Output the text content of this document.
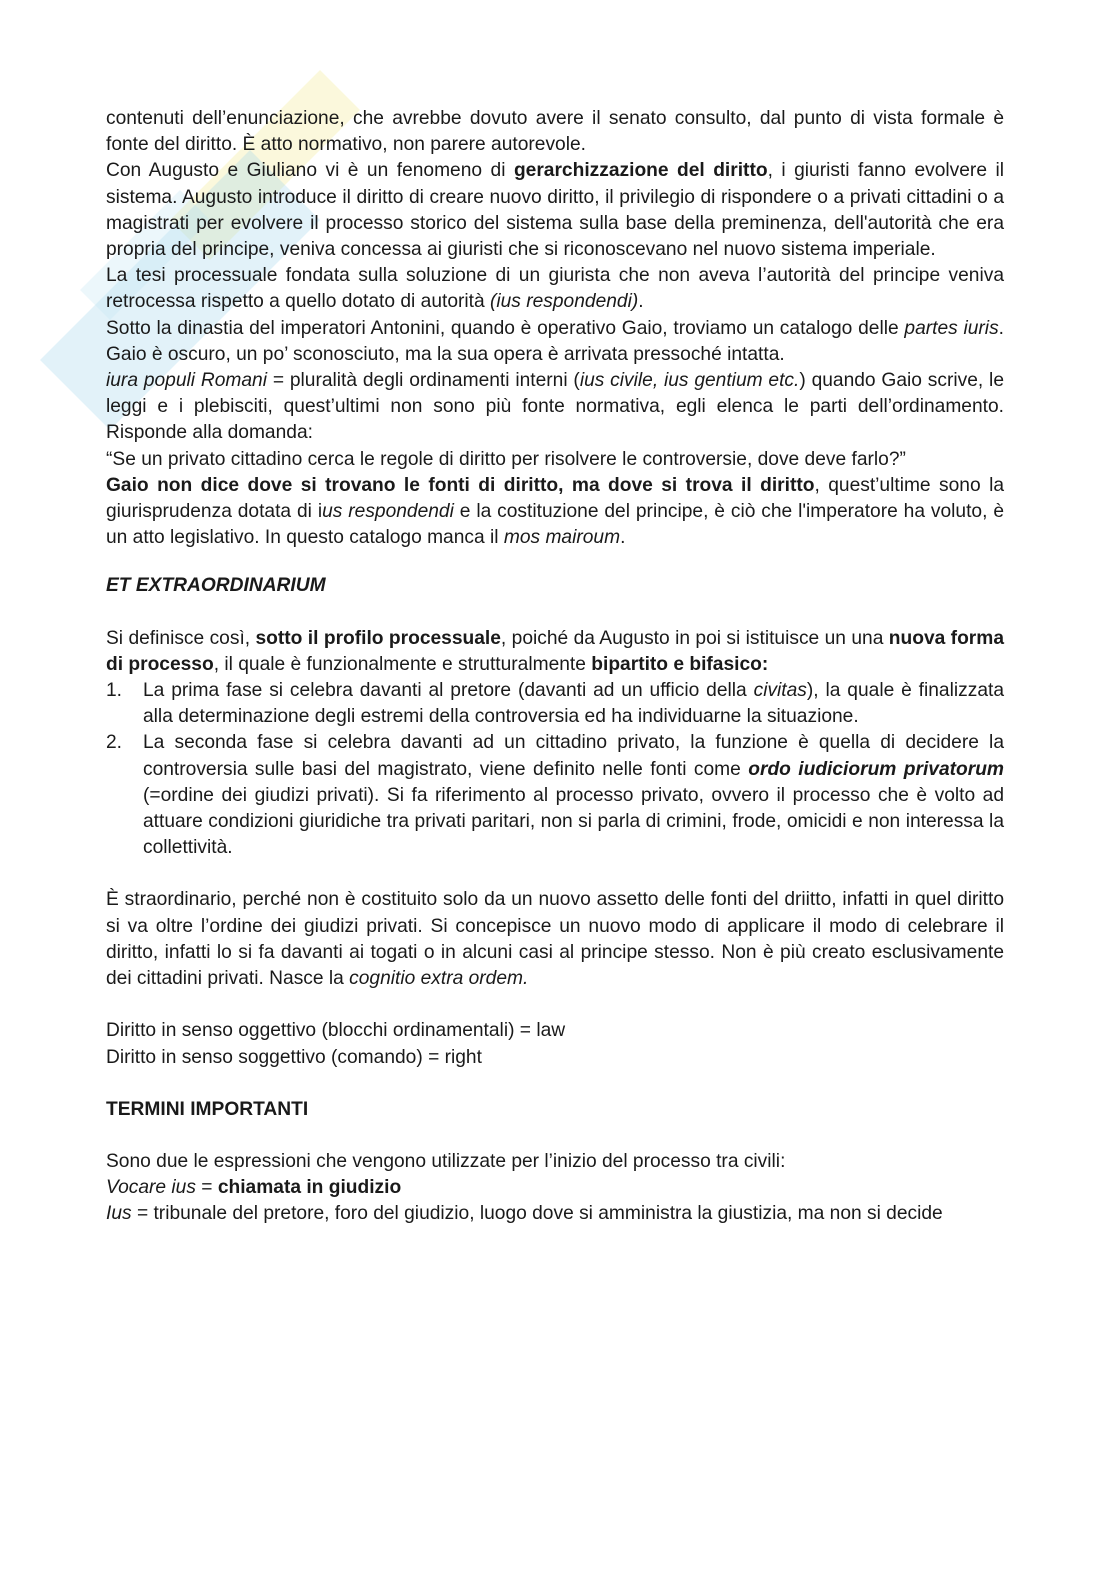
contenuti dell’enunciazione, che avrebbe dovuto avere il senato consulto, dal punto di vista formale è fonte del diritto. È atto normativo, non parere autorevole.

Con Augusto e Giuliano vi è un fenomeno di gerarchizzazione del diritto, i giuristi fanno evolvere il sistema. Augusto introduce il diritto di creare nuovo diritto, il privilegio di rispondere o a privati cittadini o a magistrati per evolvere il processo storico del sistema sulla base della preminenza, dell'autorità che era propria del principe, veniva concessa ai giuristi che si riconoscevano nel nuovo sistema imperiale.

La tesi processuale fondata sulla soluzione di un giurista che non aveva l’autorità del principe veniva retrocessa rispetto a quello dotato di autorità (ius respondendi).

Sotto la dinastia del imperatori Antonini, quando è operativo Gaio, troviamo un catalogo delle partes iuris. Gaio è oscuro, un po’ sconosciuto, ma la sua opera è arrivata pressoché intatta.

iura populi Romani = pluralità degli ordinamenti interni (ius civile, ius gentium etc.) quando Gaio scrive, le leggi e i plebisciti, quest’ultimi non sono più fonte normativa, egli elenca le parti dell’ordinamento. Risponde alla domanda:

“Se un privato cittadino cerca le regole di diritto per risolvere le controversie, dove deve farlo?”

Gaio non dice dove si trovano le fonti di diritto, ma dove si trova il diritto, quest’ultime sono la giurisprudenza dotata di ius respondendi e la costituzione del principe, è ciò che l'imperatore ha voluto, è un atto legislativo. In questo catalogo manca il mos mairoum.

ET EXTRAORDINARIUM

Si definisce così, sotto il profilo processuale, poiché da Augusto in poi si istituisce un una nuova forma di processo, il quale è funzionalmente e strutturalmente bipartito e bifasico:

1. La prima fase si celebra davanti al pretore (davanti ad un ufficio della civitas), la quale è finalizzata alla determinazione degli estremi della controversia ed ha individuarne la situazione.
2. La seconda fase si celebra davanti ad un cittadino privato, la funzione è quella di decidere la controversia sulle basi del magistrato, viene definito nelle fonti come ordo iudiciorum privatorum (=ordine dei giudizi privati). Si fa riferimento al processo privato, ovvero il processo che è volto ad attuare condizioni giuridiche tra privati paritari, non si parla di crimini, frode, omicidi e non interessa la collettività.

È straordinario, perché non è costituito solo da un nuovo assetto delle fonti del driitto, infatti in quel diritto si va oltre l’ordine dei giudizi privati. Si concepisce un nuovo modo di applicare il modo di celebrare il diritto, infatti lo si fa davanti ai togati o in alcuni casi al principe stesso. Non è più creato esclusivamente dei cittadini privati. Nasce la cognitio extra ordem.

Diritto in senso oggettivo (blocchi ordinamentali) = law

Diritto in senso soggettivo (comando) = right

TERMINI IMPORTANTI

Sono due le espressioni che vengono utilizzate per l’inizio del processo tra civili:

Vocare ius = chiamata in giudizio

Ius = tribunale del pretore, foro del giudizio, luogo dove si amministra la giustizia, ma non si decide
